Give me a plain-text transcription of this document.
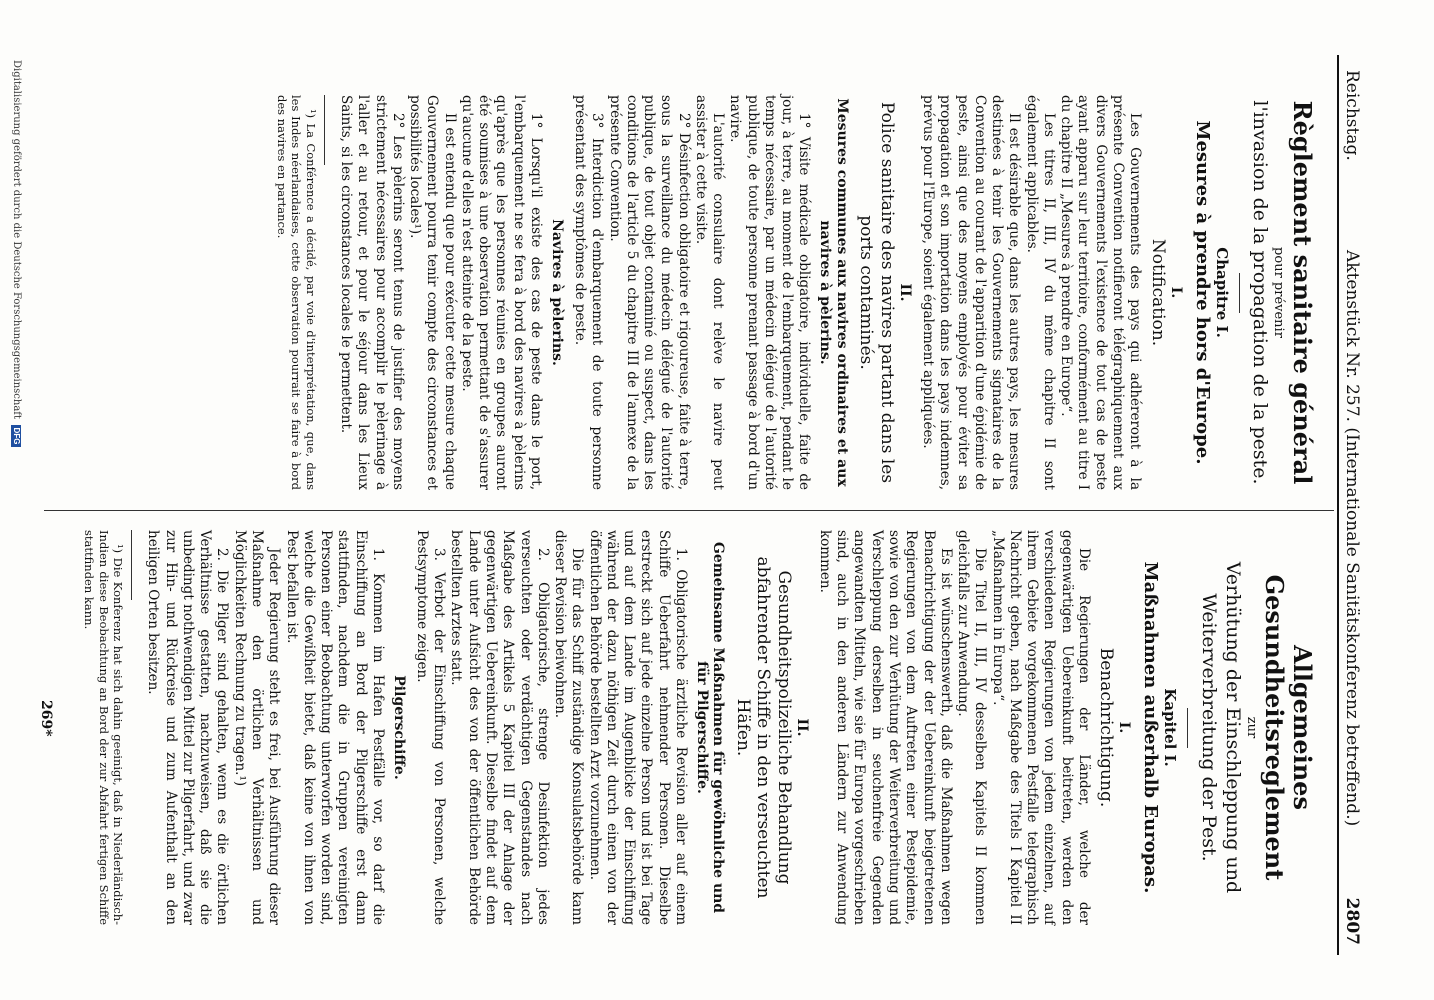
Reichstag.
Aktenstück Nr. 257. (Internationale Sanitätskonferenz betreffend.)
2807
Règlement sanitaire général
pour prévenir
l'invasion de la propagation de la peste.
Chapitre I.
Mesures à prendre hors d'Europe.
I.
Notification.

Les Gouvernements des pays qui adhéreront à la présente Convention notifieront télégraphiquement aux divers Gouvernements l'existence de tout cas de peste ayant apparu sur leur territoire, conformément au titre I du chapitre II „Mesures à prendre en Europe“.

Les titres II, III, IV du même chapitre II sont également applicables.

Il est désirable que, dans les autres pays, les mesures destinées à tenir les Gouvernements signataires de la Convention au courant de l'apparition d'une épidémie de peste, ainsi que des moyens employés pour éviter sa propagation et son importation dans les pays indemnes, prévus pour l'Europe, soient également appliquées.

II.
Police sanitaire des navires partant dans les ports contaminés.
Mesures communes aux navires ordinaires et aux navires à pèlerins.

1° Visite médicale obligatoire, individuelle, faite de jour, à terre, au moment de l'embarquement, pendant le temps nécessaire, par un médecin délégué de l'autorité publique, de toute personne prenant passage à bord d'un navire.

L'autorité consulaire dont relève le navire peut assister à cette visite.

2° Désinfection obligatoire et rigoureuse, faite à terre, sous la surveillance du médecin délégué de l'autorité publique, de tout objet contaminé ou suspect, dans les conditions de l'article 5 du chapitre III de l'annexe de la présente Convention.

3° Interdiction d'embarquement de toute personne présentant des symptômes de peste.

Navires à pèlerins.

1° Lorsqu'il existe des cas de peste dans le port, l'embarquement ne se fera à bord des navires à pèlerins qu'après que les personnes réunies en groupes auront été soumises à une observation permettant de s'assurer qu'aucune d'elles n'est atteinte de la peste.

Il est entendu que pour exécuter cette mesure chaque Gouvernement pourra tenir compte des circonstances et possibilités locales¹).

2° Les pèlerins seront tenus de justifier des moyens strictement nécessaires pour accomplir le pèlerinage à l'aller et au retour, et pour le séjour dans les Lieux Saints, si les circonstances locales le permettent.

¹) La Conférence a décidé, par voie d'interprétation, que, dans les Indes néerlandaises, cette observation pourrait se faire à bord des navires en partance.

Allgemeines Gesundheitsreglement
zur
Verhütung der Einschleppung und Weiterverbreitung der Pest.
Kapitel I.
Maßnahmen außerhalb Europas.
I.
Benachrichtigung.

Die Regierungen der Länder, welche der gegenwärtigen Uebereinkunft beitreten, werden den verschiedenen Regierungen von jedem einzelnen, auf ihrem Gebiete vorgekommenen Pestfalle telegraphisch Nachricht geben, nach Maßgabe des Titels I Kapitel II „Maßnahmen in Europa“.

Die Titel II, III, IV desselben Kapitels II kommen gleichfalls zur Anwendung.

Es ist wünschenswerth, daß die Maßnahmen wegen Benachrichtigung der der Uebereinkunft beigetretenen Regierungen von dem Auftreten einer Pestepidemie, sowie von den zur Verhütung der Weiterverbreitung und Verschleppung derselben in seuchenfreie Gegenden angewandten Mitteln, wie sie für Europa vorgeschrieben sind, auch in den anderen Ländern zur Anwendung kommen.

II.
Gesundheitspolizeiliche Behandlung abfahrender Schiffe in den verseuchten Häfen.
Gemeinsame Maßnahmen für gewöhnliche und für Pilgerschiffe.

1. Obligatorische ärztliche Revision aller auf einem Schiffe Ueberfahrt nehmender Personen. Dieselbe erstreckt sich auf jede einzelne Person und ist bei Tage und auf dem Lande im Augenblicke der Einschiffung während der dazu nöthigen Zeit durch einen von der öffentlichen Behörde bestellten Arzt vorzunehmen.

Die für das Schiff zuständige Konsulatsbehörde kann dieser Revision beiwohnen.

2. Obligatorische, strenge Desinfektion jedes verseuchten oder verdächtigen Gegenstandes nach Maßgabe des Artikels 5 Kapitel III der Anlage der gegenwärtigen Uebereinkunft. Dieselbe findet auf dem Lande unter Aufsicht des von der öffentlichen Behörde bestellten Arztes statt.

3. Verbot der Einschiffung von Personen, welche Pestsymptome zeigen.

Pilgerschiffe.

1. Kommen im Hafen Pestfälle vor, so darf die Einschiffung an Bord der Pilgerschiffe erst dann stattfinden, nachdem die in Gruppen vereinigten Personen einer Beobachtung unterworfen worden sind, welche die Gewißheit bietet, daß keine von ihnen von Pest befallen ist.

Jeder Regierung steht es frei, bei Ausführung dieser Maßnahme den örtlichen Verhältnissen und Möglichkeiten Rechnung zu tragen.¹)

2. Die Pilger sind gehalten, wenn es die örtlichen Verhältnisse gestatten, nachzuweisen, daß sie die unbedingt nothwendigen Mittel zur Pilgerfahrt, und zwar zur Hin- und Rückreise und zum Aufenthalt an den heiligen Orten besitzen.

¹) Die Konferenz hat sich dahin geeinigt, daß in Niederländisch-Indien diese Beobachtung an Bord der zur Abfahrt fertigen Schiffe stattfinden kann.

269*
Digitalisierung gefördert durch die Deutsche Forschungsgemeinschaft
DFG
